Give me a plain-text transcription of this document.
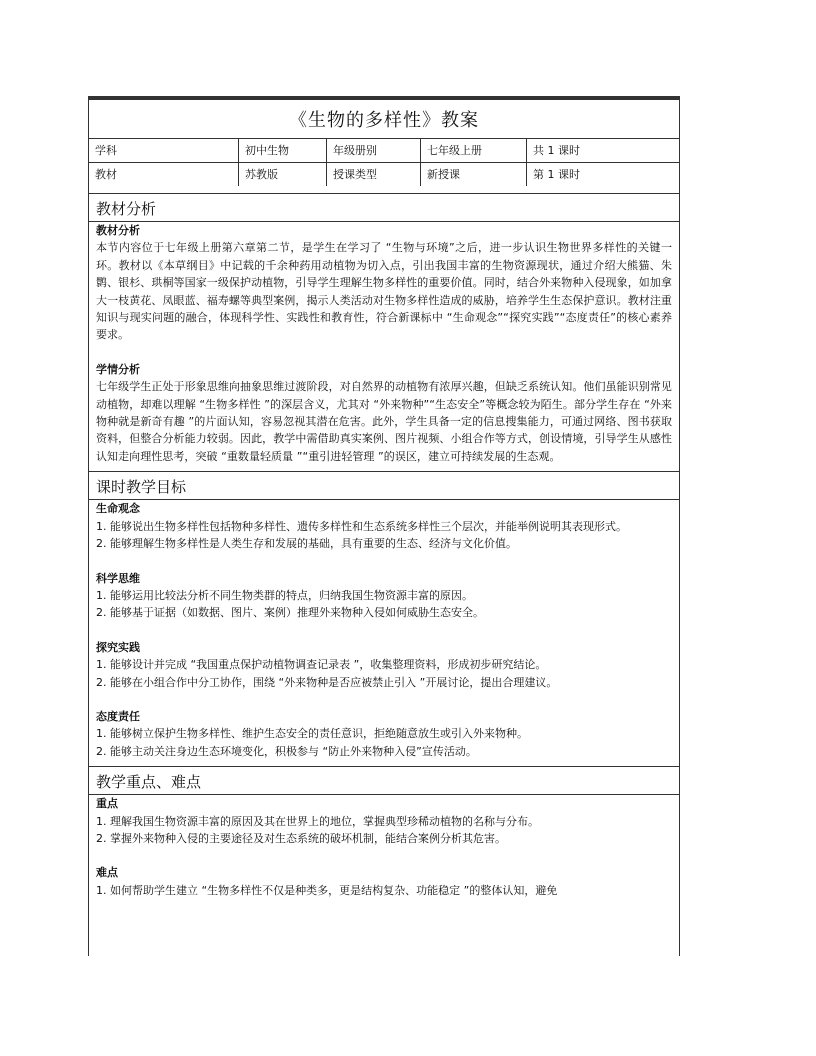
《生物的多样性》教案
学科	初中生物	年级册别	七年级上册	共 1 课时
教材	苏教版	授课类型	新授课	第 1 课时
教材分析
教材分析
本节内容位于七年级上册第六章第二节，是学生在学习了 “生物与环境”之后，进一步认识生物世界多样性的关键一环。教材以《本草纲目》中记载的千余种药用动植物为切入点，引出我国丰富的生物资源现状，通过介绍大熊猫、朱鹮、银杉、珙桐等国家一级保护动植物，引导学生理解生物多样性的重要价值。同时，结合外来物种入侵现象，如加拿大一枝黄花、凤眼蓝、福寿螺等典型案例，揭示人类活动对生物多样性造成的威胁，培养学生生态保护意识。教材注重知识与现实问题的融合，体现科学性、实践性和教育性，符合新课标中 “生命观念”“探究实践”“态度责任”的核心素养要求。
学情分析
七年级学生正处于形象思维向抽象思维过渡阶段，对自然界的动植物有浓厚兴趣，但缺乏系统认知。他们虽能识别常见动植物，却难以理解 “生物多样性 ”的深层含义，尤其对 “外来物种”“生态安全”等概念较为陌生。部分学生存在 “外来物种就是新奇有趣 ”的片面认知，容易忽视其潜在危害。此外，学生具备一定的信息搜集能力，可通过网络、图书获取资料，但整合分析能力较弱。因此，教学中需借助真实案例、图片视频、小组合作等方式，创设情境，引导学生从感性认知走向理性思考，突破 “重数量轻质量 ”“重引进轻管理 ”的误区，建立可持续发展的生态观。
课时教学目标
生命观念
1. 能够说出生物多样性包括物种多样性、遗传多样性和生态系统多样性三个层次，并能举例说明其表现形式。
2. 能够理解生物多样性是人类生存和发展的基础，具有重要的生态、经济与文化价值。
科学思维
1. 能够运用比较法分析不同生物类群的特点，归纳我国生物资源丰富的原因。
2. 能够基于证据（如数据、图片、案例）推理外来物种入侵如何威胁生态安全。
探究实践
1. 能够设计并完成 “我国重点保护动植物调查记录表 ”，收集整理资料，形成初步研究结论。
2. 能够在小组合作中分工协作，围绕 “外来物种是否应被禁止引入 ”开展讨论，提出合理建议。
态度责任
1. 能够树立保护生物多样性、维护生态安全的责任意识，拒绝随意放生或引入外来物种。
2. 能够主动关注身边生态环境变化，积极参与 “防止外来物种入侵”宣传活动。
教学重点、难点
重点
1. 理解我国生物资源丰富的原因及其在世界上的地位，掌握典型珍稀动植物的名称与分布。
2. 掌握外来物种入侵的主要途径及对生态系统的破坏机制，能结合案例分析其危害。
难点
1. 如何帮助学生建立 “生物多样性不仅是种类多，更是结构复杂、功能稳定 ”的整体认知，避免
